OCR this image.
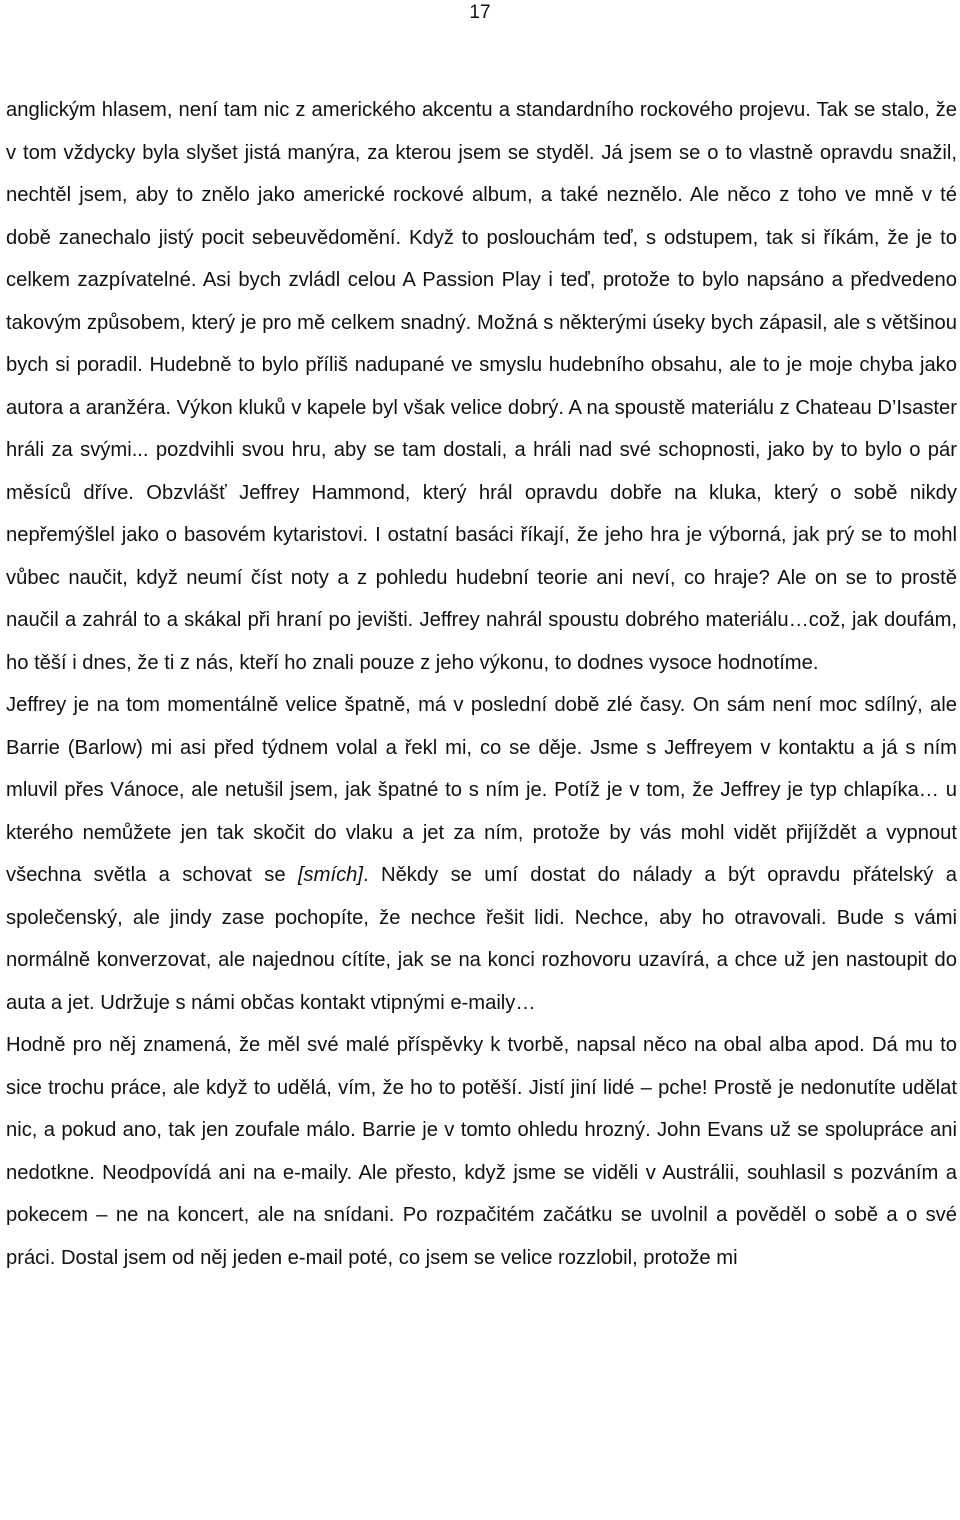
17

anglickým hlasem, není tam nic z amerického akcentu a standardního rockového projevu. Tak se stalo, že v tom vždycky byla slyšet jistá manýra, za kterou jsem se styděl. Já jsem se o to vlastně opravdu snažil, nechtěl jsem, aby to znělo jako americké rockové album, a také neznělo. Ale něco z toho ve mně v té době zanechalo jistý pocit sebeuvědomění. Když to poslouchám teď, s odstupem, tak si říkám, že je to celkem zazpívatelné. Asi bych zvládl celou A Passion Play i teď, protože to bylo napsáno a předvedeno takovým způsobem, který je pro mě celkem snadný. Možná s některými úseky bych zápasil, ale s většinou bych si poradil. Hudebně to bylo příliš nadupané ve smyslu hudebního obsahu, ale to je moje chyba jako autora a aranžéra. Výkon kluků v kapele byl však velice dobrý. A na spoustě materiálu z Chateau D’Isaster hráli za svými... pozdvihli svou hru, aby se tam dostali, a hráli nad své schopnosti, jako by to bylo o pár měsíců dříve. Obzvlášť Jeffrey Hammond, který hrál opravdu dobře na kluka, který o sobě nikdy nepřemýšlel jako o basovém kytaristovi. I ostatní basáci říkají, že jeho hra je výborná, jak prý se to mohl vůbec naučit, když neumí číst noty a z pohledu hudební teorie ani neví, co hraje? Ale on se to prostě naučil a zahrál to a skákal při hraní po jevišti. Jeffrey nahrál spoustu dobrého materiálu…což, jak doufám, ho těší i dnes, že ti z nás, kteří ho znali pouze z jeho výkonu, to dodnes vysoce hodnotíme.

Jeffrey je na tom momentálně velice špatně, má v poslední době zlé časy. On sám není moc sdílný, ale Barrie (Barlow) mi asi před týdnem volal a řekl mi, co se děje. Jsme s Jeffreyem v kontaktu a já s ním mluvil přes Vánoce, ale netušil jsem, jak špatné to s ním je. Potíž je v tom, že Jeffrey je typ chlapíka… u kterého nemůžete jen tak skočit do vlaku a jet za ním, protože by vás mohl vidět přijíždět a vypnout všechna světla a schovat se [smích]. Někdy se umí dostat do nálady a být opravdu přátelský a společenský, ale jindy zase pochopíte, že nechce řešit lidi. Nechce, aby ho otravovali. Bude s vámi normálně konverzovat, ale najednou cítíte, jak se na konci rozhovoru uzavírá, a chce už jen nastoupit do auta a jet. Udržuje s námi občas kontakt vtipnými e-maily…

Hodně pro něj znamená, že měl své malé příspěvky k tvorbě, napsal něco na obal alba apod. Dá mu to sice trochu práce, ale když to udělá, vím, že ho to potěší. Jistí jiní lidé – pche! Prostě je nedonutíte udělat nic, a pokud ano, tak jen zoufale málo. Barrie je v tomto ohledu hrozný. John Evans už se spolupráce ani nedotkne. Neodpovídá ani na e-maily. Ale přesto, když jsme se viděli v Austrálii, souhlasil s pozváním a pokecem – ne na koncert, ale na snídani. Po rozpačitém začátku se uvolnil a pověděl o sobě a o své práci. Dostal jsem od něj jeden e-mail poté, co jsem se velice rozzlobil, protože mi
